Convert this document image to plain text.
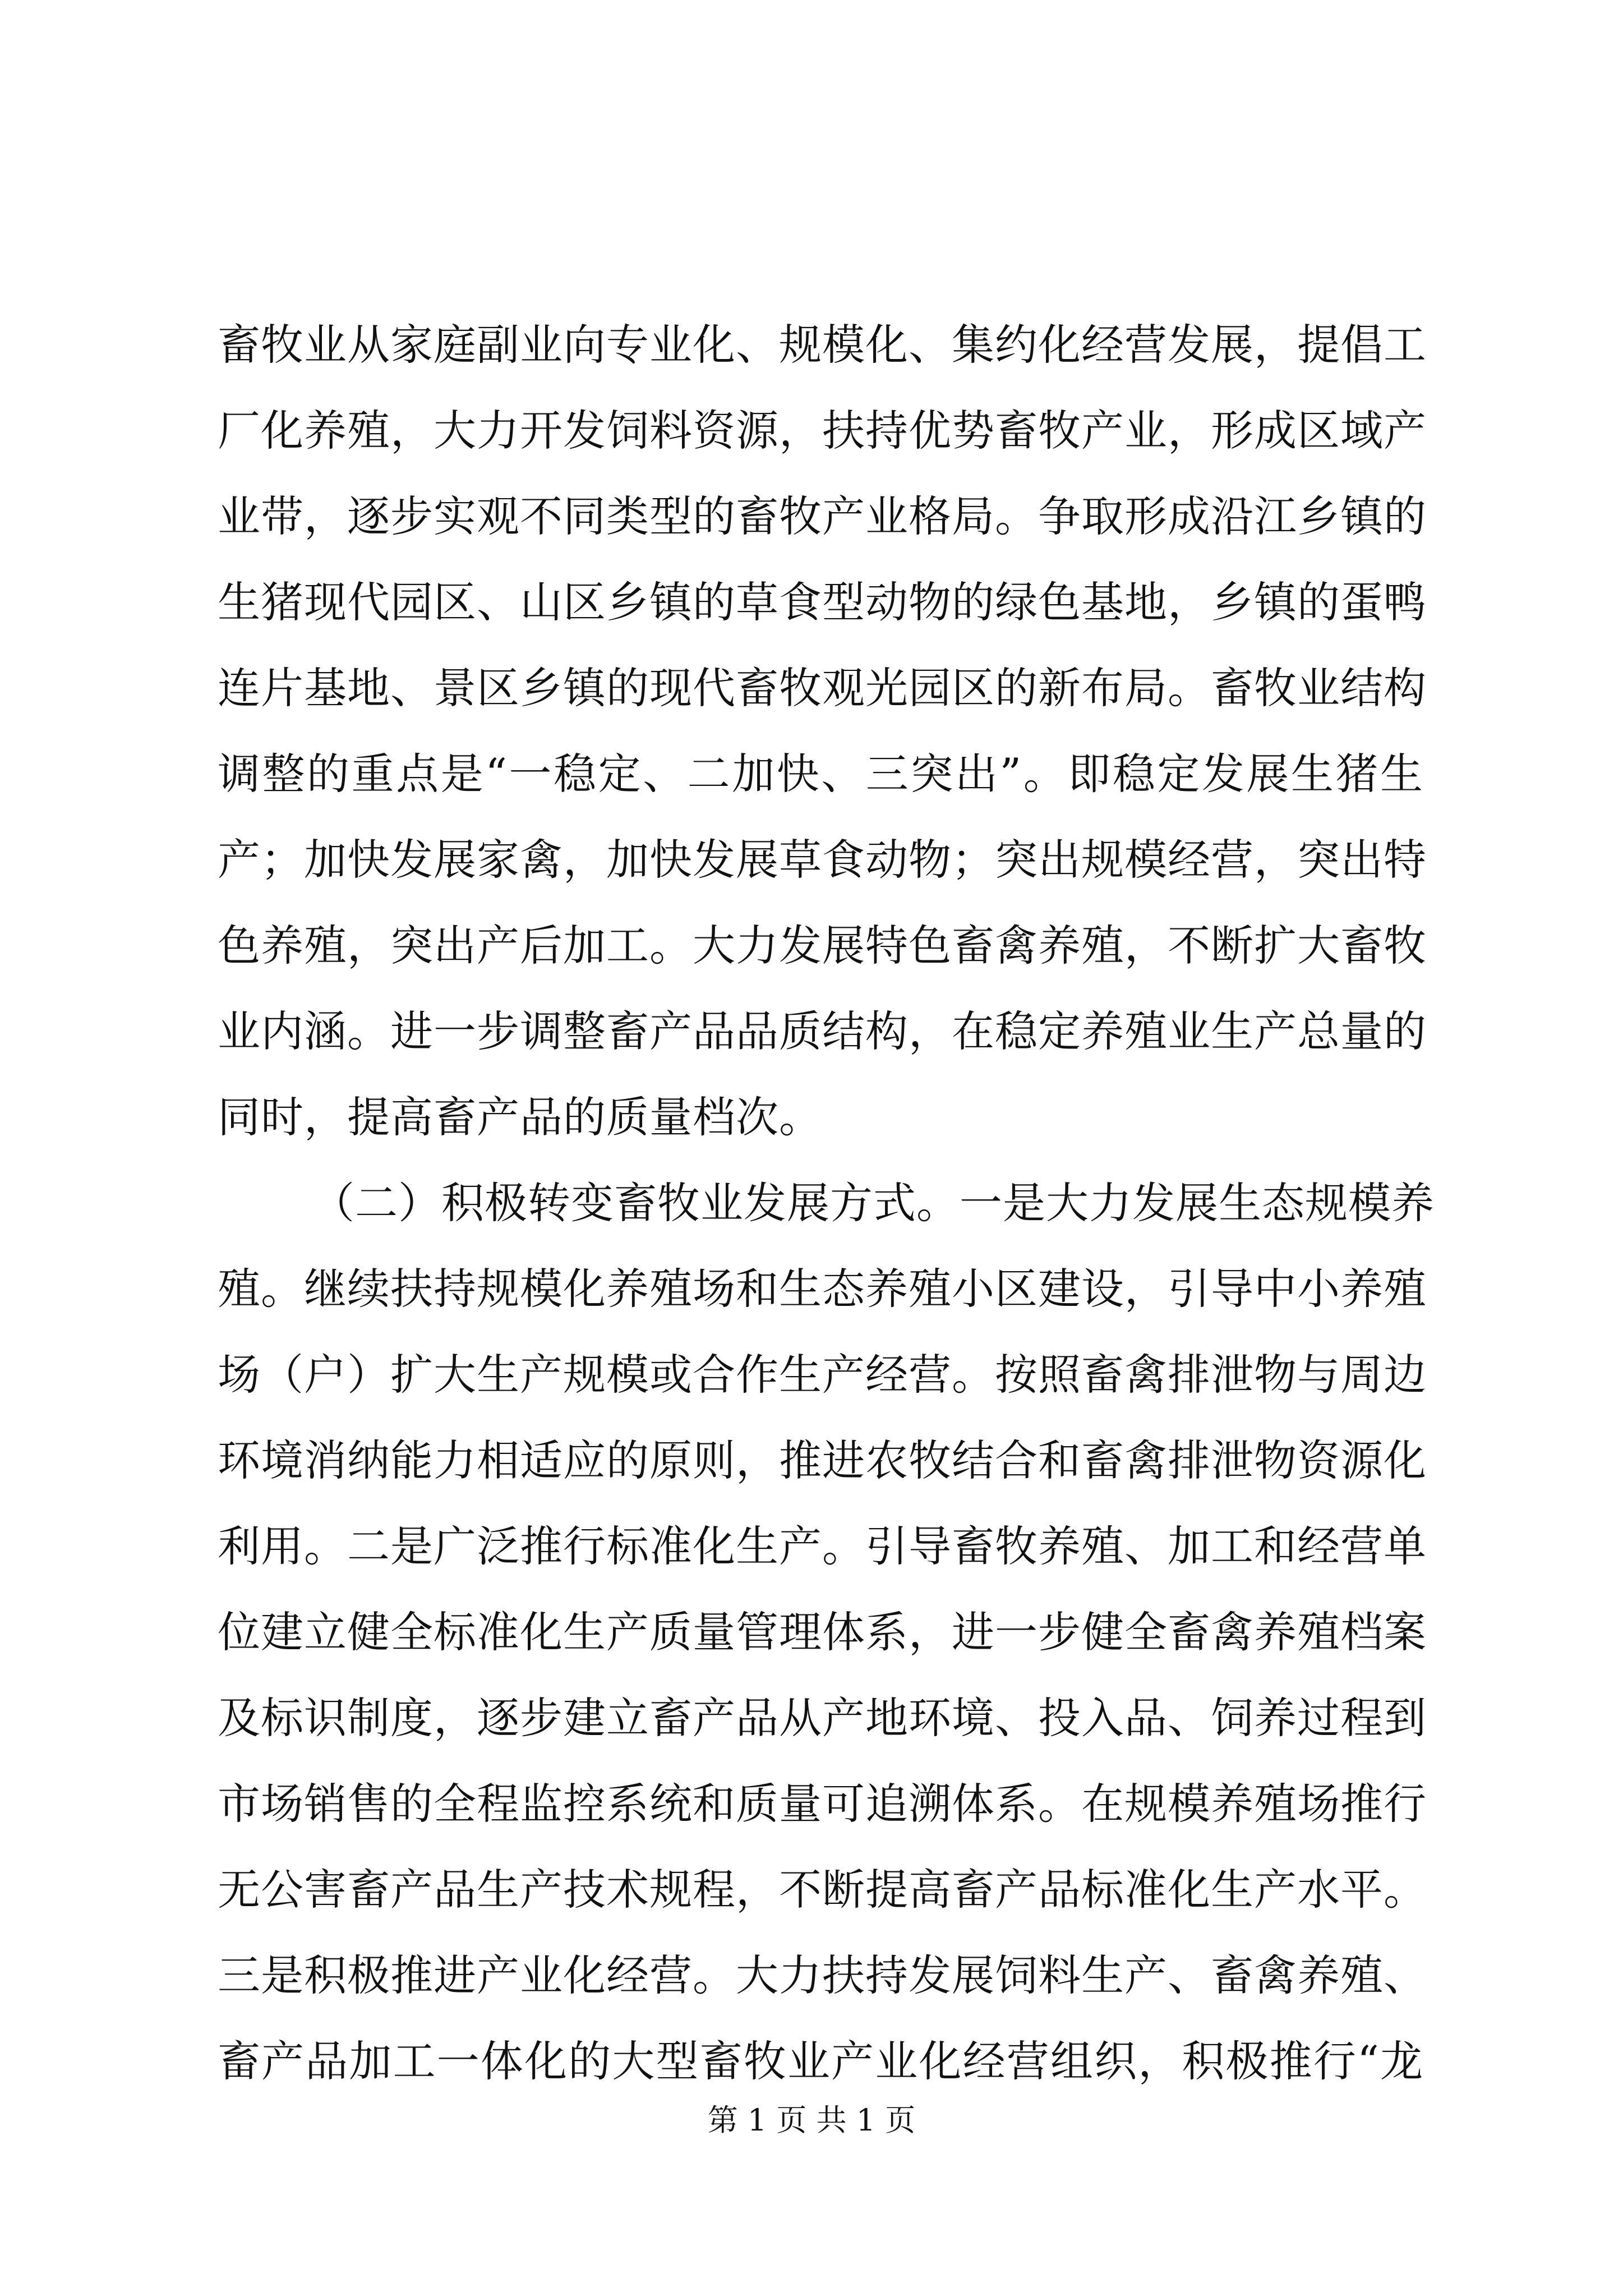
畜牧业从家庭副业向专业化、规模化、集约化经营发展，提倡工
厂化养殖，大力开发饲料资源，扶持优势畜牧产业，形成区域产
业带，逐步实观不同类型的畜牧产业格局。争取形成沿江乡镇的
生猪现代园区、山区乡镇的草食型动物的绿色基地，乡镇的蛋鸭
连片基地、景区乡镇的现代畜牧观光园区的新布局。畜牧业结构
调整的重点是“一稳定、二加快、三突出”。即稳定发展生猪生
产；加快发展家禽，加快发展草食动物；突出规模经营，突出特
色养殖，突出产后加工。大力发展特色畜禽养殖，不断扩大畜牧
业内涵。进一步调整畜产品品质结构，在稳定养殖业生产总量的
同时，提高畜产品的质量档次。
（二）积极转变畜牧业发展方式。一是大力发展生态规模养
殖。继续扶持规模化养殖场和生态养殖小区建设，引导中小养殖
场（户）扩大生产规模或合作生产经营。按照畜禽排泄物与周边
环境消纳能力相适应的原则，推进农牧结合和畜禽排泄物资源化
利用。二是广泛推行标准化生产。引导畜牧养殖、加工和经营单
位建立健全标准化生产质量管理体系，进一步健全畜禽养殖档案
及标识制度，逐步建立畜产品从产地环境、投入品、饲养过程到
市场销售的全程监控系统和质量可追溯体系。在规模养殖场推行
无公害畜产品生产技术规程，不断提高畜产品标准化生产水平。
三是积极推进产业化经营。大力扶持发展饲料生产、畜禽养殖、
畜产品加工一体化的大型畜牧业产业化经营组织，积极推行“龙
第 1 页 共 1 页
